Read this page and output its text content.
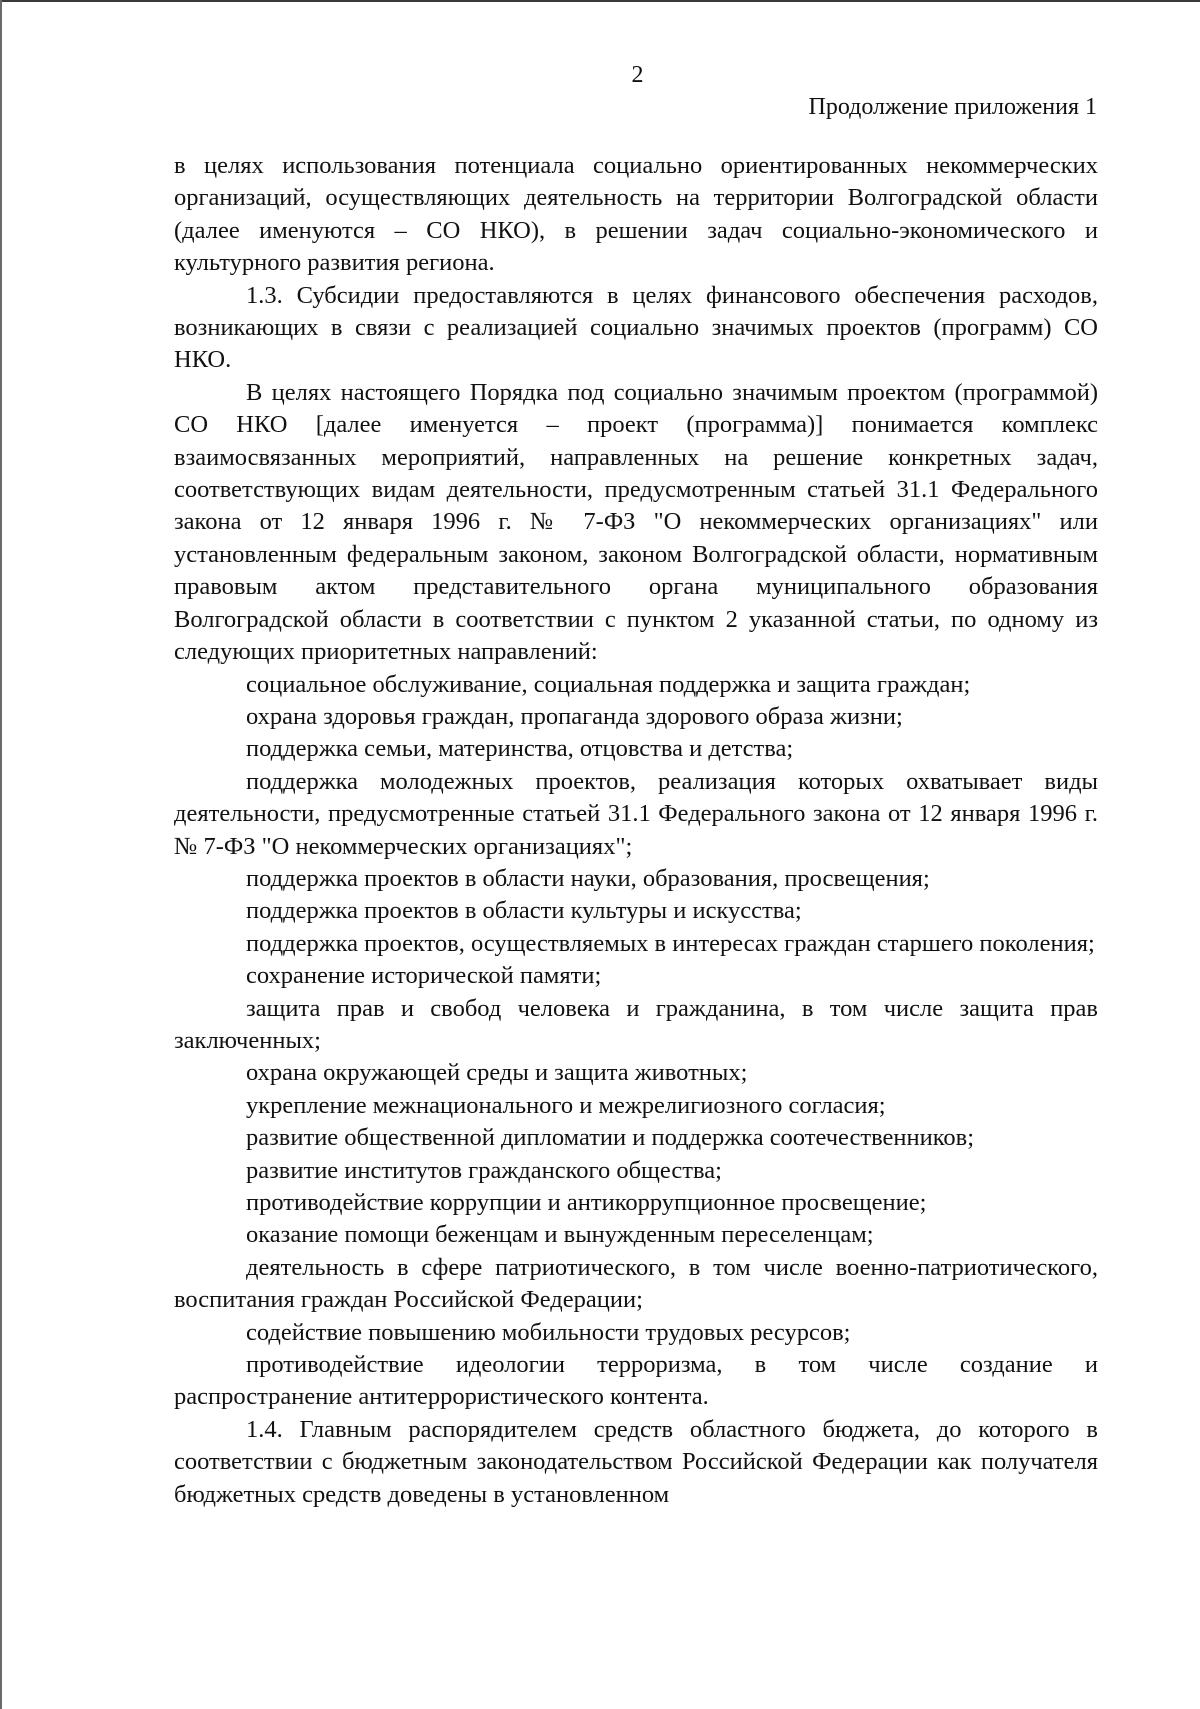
2
Продолжение приложения 1

в целях использования потенциала социально ориентированных некоммерческих организаций, осуществляющих деятельность на территории Волгоградской области (далее именуются – СО НКО), в решении задач социально-экономического и культурного развития региона.

1.3. Субсидии предоставляются в целях финансового обеспечения расходов, возникающих в связи с реализацией социально значимых проектов (программ) СО НКО.

В целях настоящего Порядка под социально значимым проектом (программой) СО НКО [далее именуется – проект (программа)] понимается комплекс взаимосвязанных мероприятий, направленных на решение конкретных задач, соответствующих видам деятельности, предусмотренным статьей 31.1 Федерального закона от 12 января 1996 г. № 7-ФЗ "О некоммерческих организациях" или установленным федеральным законом, законом Волгоградской области, нормативным правовым актом представительного органа муниципального образования Волгоградской области в соответствии с пунктом 2 указанной статьи, по одному из следующих приоритетных направлений:

социальное обслуживание, социальная поддержка и защита граждан;

охрана здоровья граждан, пропаганда здорового образа жизни;

поддержка семьи, материнства, отцовства и детства;

поддержка молодежных проектов, реализация которых охватывает виды деятельности, предусмотренные статьей 31.1 Федерального закона от 12 января 1996 г. № 7-ФЗ "О некоммерческих организациях";

поддержка проектов в области науки, образования, просвещения;

поддержка проектов в области культуры и искусства;

поддержка проектов, осуществляемых в интересах граждан старшего поколения;

сохранение исторической памяти;

защита прав и свобод человека и гражданина, в том числе защита прав заключенных;

охрана окружающей среды и защита животных;

укрепление межнационального и межрелигиозного согласия;

развитие общественной дипломатии и поддержка соотечественников;

развитие институтов гражданского общества;

противодействие коррупции и антикоррупционное просвещение;

оказание помощи беженцам и вынужденным переселенцам;

деятельность в сфере патриотического, в том числе военно-патриотического, воспитания граждан Российской Федерации;

содействие повышению мобильности трудовых ресурсов;

противодействие идеологии терроризма, в том числе создание и распространение антитеррористического контента.

1.4. Главным распорядителем средств областного бюджета, до которого в соответствии с бюджетным законодательством Российской Федерации как получателя бюджетных средств доведены в установленном
